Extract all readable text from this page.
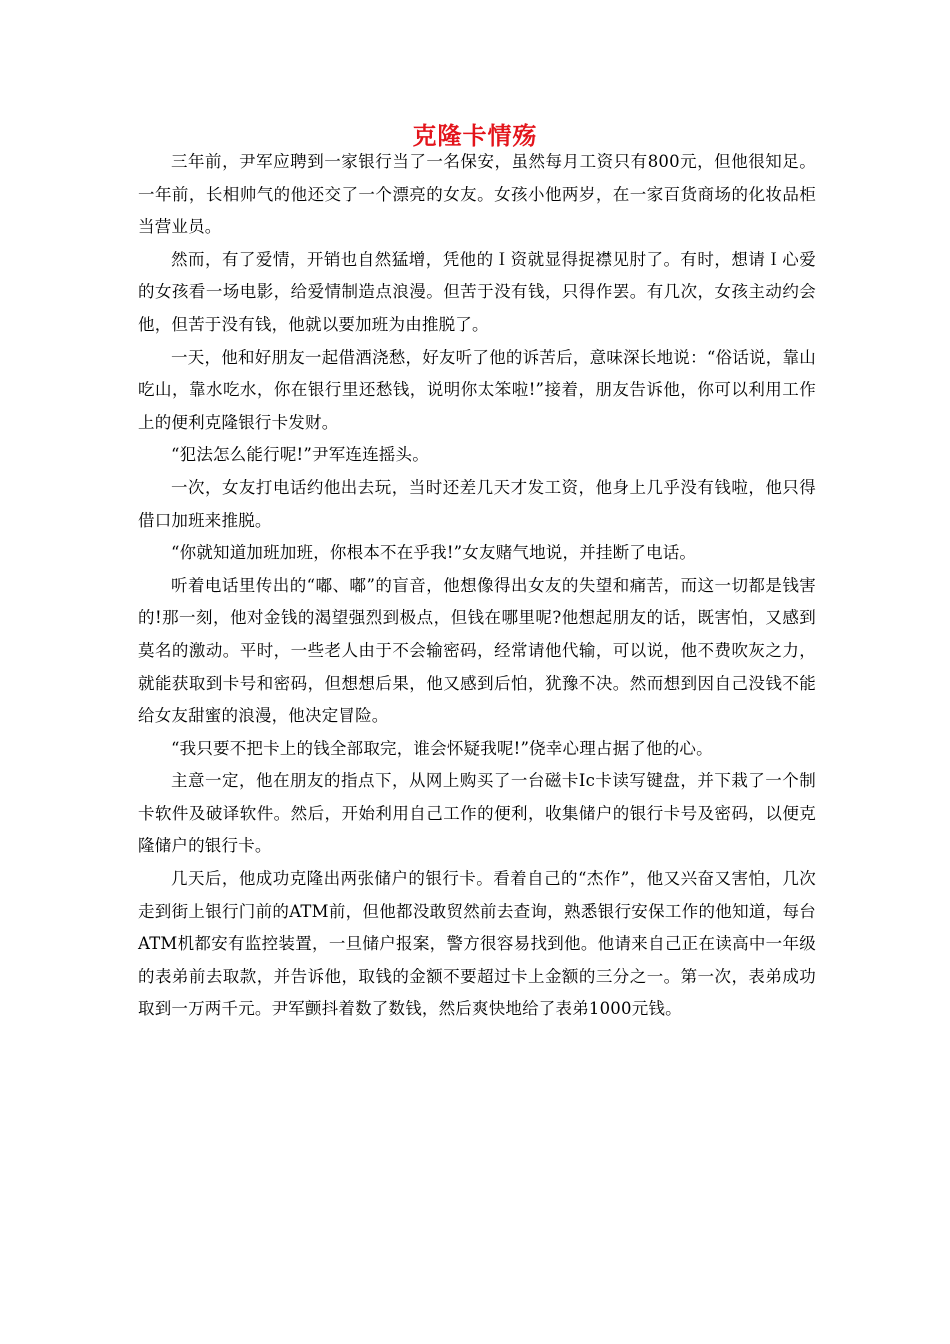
克隆卡情殇

三年前，尹军应聘到一家银行当了一名保安，虽然每月工资只有800元，但他很知足。一年前，长相帅气的他还交了一个漂亮的女友。女孩小他两岁，在一家百货商场的化妆品柜当营业员。

然而，有了爱情，开销也自然猛增，凭他的Ｉ资就显得捉襟见肘了。有时，想请Ｉ心爱的女孩看一场电影，给爱情制造点浪漫。但苦于没有钱，只得作罢。有几次，女孩主动约会他，但苦于没有钱，他就以要加班为由推脱了。

一天，他和好朋友一起借酒浇愁，好友听了他的诉苦后，意味深长地说：“俗话说，靠山吃山，靠水吃水，你在银行里还愁钱，说明你太笨啦!”接着，朋友告诉他，你可以利用工作上的便利克隆银行卡发财。

“犯法怎么能行呢!”尹军连连摇头。

一次，女友打电话约他出去玩，当时还差几天才发工资，他身上几乎没有钱啦，他只得借口加班来推脱。

“你就知道加班加班，你根本不在乎我!”女友赌气地说，并挂断了电话。

听着电话里传出的“嘟、嘟”的盲音，他想像得出女友的失望和痛苦，而这一切都是钱害的!那一刻，他对金钱的渴望强烈到极点，但钱在哪里呢?他想起朋友的话，既害怕，又感到莫名的激动。平时，一些老人由于不会输密码，经常请他代输，可以说，他不费吹灰之力，就能获取到卡号和密码，但想想后果，他又感到后怕，犹豫不决。然而想到因自己没钱不能给女友甜蜜的浪漫，他决定冒险。

“我只要不把卡上的钱全部取完，谁会怀疑我呢!”侥幸心理占据了他的心。

主意一定，他在朋友的指点下，从网上购买了一台磁卡Ic卡读写键盘，并下栽了一个制卡软件及破译软件。然后，开始利用自己工作的便利，收集储户的银行卡号及密码，以便克隆储户的银行卡。

几天后，他成功克隆出两张储户的银行卡。看着自己的“杰作”，他又兴奋又害怕，几次走到街上银行门前的ATM前，但他都没敢贸然前去查询，熟悉银行安保工作的他知道，每台ATM机都安有监控装置，一旦储户报案，警方很容易找到他。他请来自己正在读高中一年级的表弟前去取款，并告诉他，取钱的金额不要超过卡上金额的三分之一。第一次，表弟成功取到一万两千元。尹军颤抖着数了数钱，然后爽快地给了表弟1000元钱。
